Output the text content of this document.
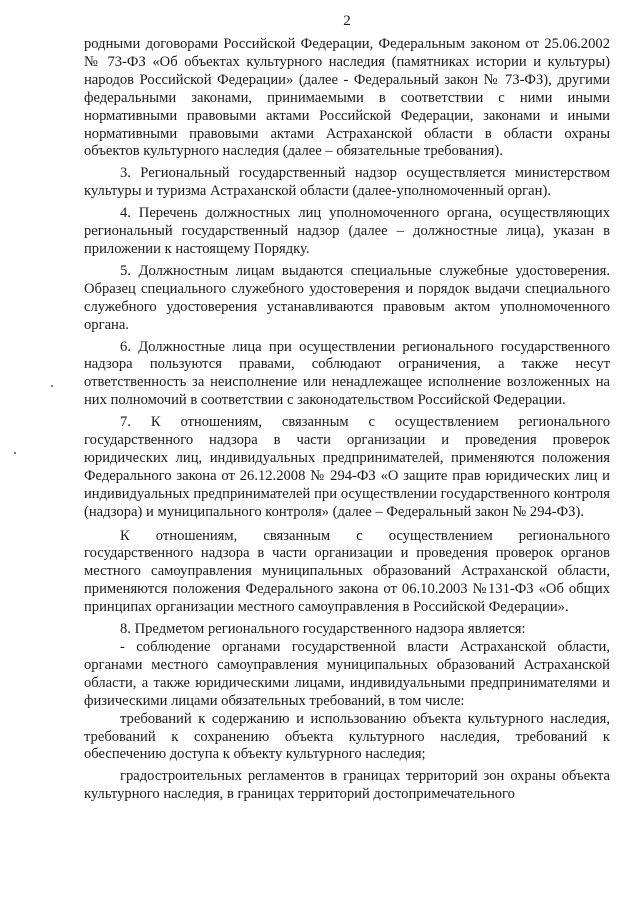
2

родными договорами Российской Федерации, Федеральным законом от 25.06.2002 № 73-ФЗ «Об объектах культурного наследия (памятниках истории и культуры) народов Российской Федерации» (далее - Федеральный закон № 73-ФЗ), другими федеральными законами, принимаемыми в соответствии с ними иными нормативными правовыми актами Российской Федерации, законами и иными нормативными правовыми актами Астраханской области в области охраны объектов культурного наследия (далее – обязательные требования).

3. Региональный государственный надзор осуществляется министерством культуры и туризма Астраханской области (далее-уполномоченный орган).

4. Перечень должностных лиц уполномоченного органа, осуществляющих региональный государственный надзор (далее – должностные лица), указан в приложении к настоящему Порядку.

5. Должностным лицам выдаются специальные служебные удостоверения. Образец специального служебного удостоверения и порядок выдачи специального служебного удостоверения устанавливаются правовым актом уполномоченного органа.

6. Должностные лица при осуществлении регионального государственного надзора пользуются правами, соблюдают ограничения, а также несут ответственность за неисполнение или ненадлежащее исполнение возложенных на них полномочий в соответствии с законодательством Российской Федерации.

7. К отношениям, связанным с осуществлением регионального государственного надзора в части организации и проведения проверок юридических лиц, индивидуальных предпринимателей, применяются положения Федерального закона от 26.12.2008 № 294-ФЗ «О защите прав юридических лиц и индивидуальных предпринимателей при осуществлении государственного контроля (надзора) и муниципального контроля» (далее – Федеральный закон № 294-ФЗ).

К отношениям, связанным с осуществлением регионального государственного надзора в части организации и проведения проверок органов местного самоуправления муниципальных образований Астраханской области, применяются положения Федерального закона от 06.10.2003 №131-ФЗ «Об общих принципах организации местного самоуправления в Российской Федерации».

8. Предметом регионального государственного надзора является:

- соблюдение органами государственной власти Астраханской области, органами местного самоуправления муниципальных образований Астраханской области, а также юридическими лицами, индивидуальными предпринимателями и физическими лицами обязательных требований, в том числе:

требований к содержанию и использованию объекта культурного наследия, требований к сохранению объекта культурного наследия, требований к обеспечению доступа к объекту культурного наследия;

градостроительных регламентов в границах территорий зон охраны объекта культурного наследия, в границах территорий достопримечательного
